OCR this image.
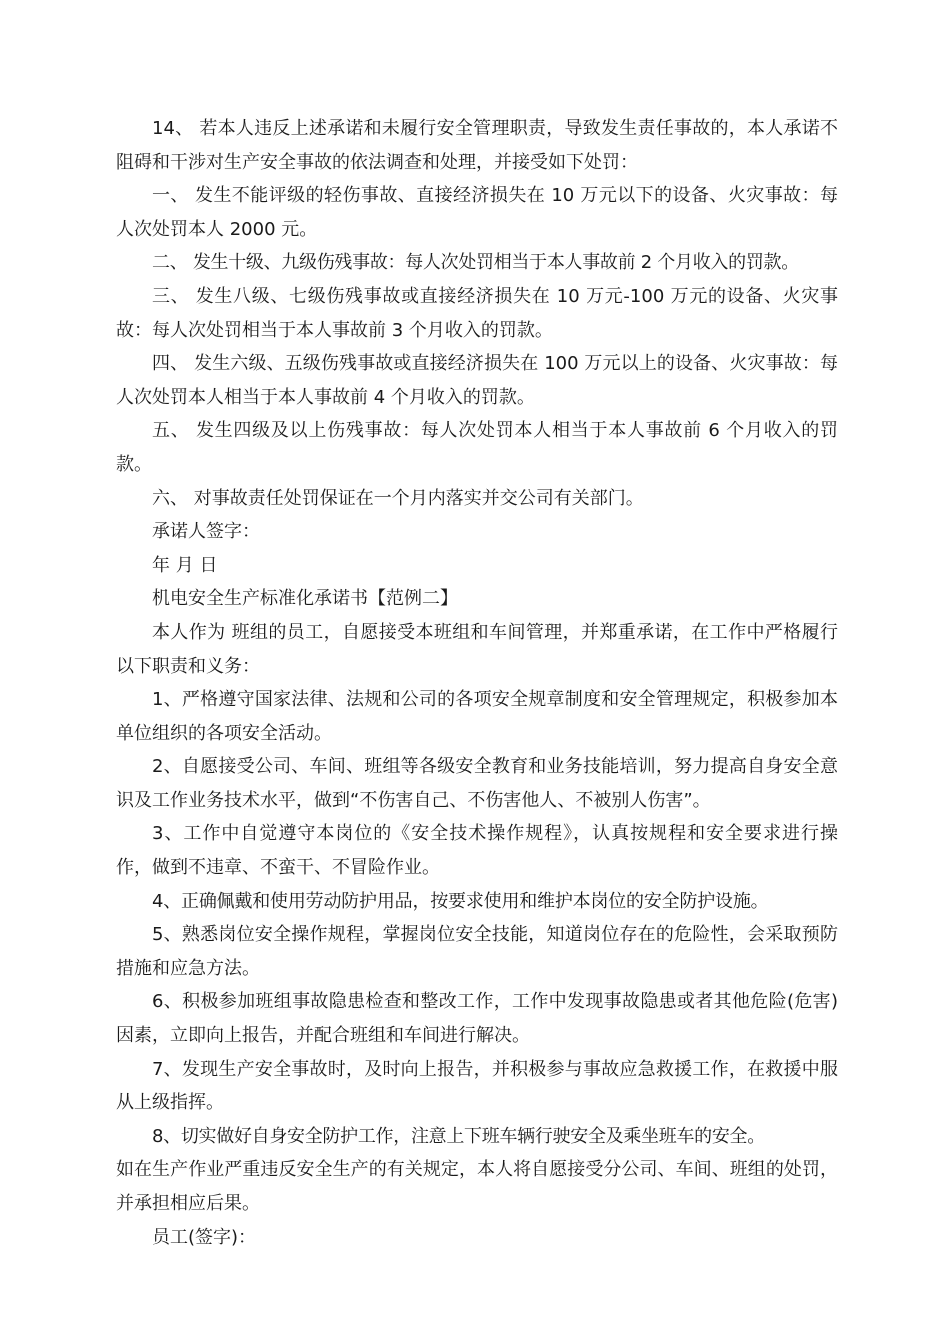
14、 若本人违反上述承诺和未履行安全管理职责，导致发生责任事故的，本人承诺不阻碍和干涉对生产安全事故的依法调查和处理，并接受如下处罚：

一、 发生不能评级的轻伤事故、直接经济损失在 10 万元以下的设备、火灾事故：每人次处罚本人 2000 元。

二、 发生十级、九级伤残事故：每人次处罚相当于本人事故前 2 个月收入的罚款。

三、 发生八级、七级伤残事故或直接经济损失在 10 万元-100 万元的设备、火灾事故：每人次处罚相当于本人事故前 3 个月收入的罚款。

四、 发生六级、五级伤残事故或直接经济损失在 100 万元以上的设备、火灾事故：每人次处罚本人相当于本人事故前 4 个月收入的罚款。

五、 发生四级及以上伤残事故：每人次处罚本人相当于本人事故前 6 个月收入的罚款。

六、 对事故责任处罚保证在一个月内落实并交公司有关部门。

承诺人签字：

年 月 日

机电安全生产标准化承诺书【范例二】

本人作为 班组的员工，自愿接受本班组和车间管理，并郑重承诺，在工作中严格履行以下职责和义务：

1、严格遵守国家法律、法规和公司的各项安全规章制度和安全管理规定，积极参加本单位组织的各项安全活动。

2、自愿接受公司、车间、班组等各级安全教育和业务技能培训，努力提高自身安全意识及工作业务技术水平，做到“不伤害自己、不伤害他人、不被别人伤害”。

3、工作中自觉遵守本岗位的《安全技术操作规程》，认真按规程和安全要求进行操作，做到不违章、不蛮干、不冒险作业。

4、正确佩戴和使用劳动防护用品，按要求使用和维护本岗位的安全防护设施。

5、熟悉岗位安全操作规程，掌握岗位安全技能，知道岗位存在的危险性，会采取预防措施和应急方法。

6、积极参加班组事故隐患检查和整改工作，工作中发现事故隐患或者其他危险(危害)因素，立即向上报告，并配合班组和车间进行解决。

7、发现生产安全事故时，及时向上报告，并积极参与事故应急救援工作，在救援中服从上级指挥。

8、切实做好自身安全防护工作，注意上下班车辆行驶安全及乘坐班车的安全。

如在生产作业严重违反安全生产的有关规定，本人将自愿接受分公司、车间、班组的处罚，并承担相应后果。

员工(签字)：
